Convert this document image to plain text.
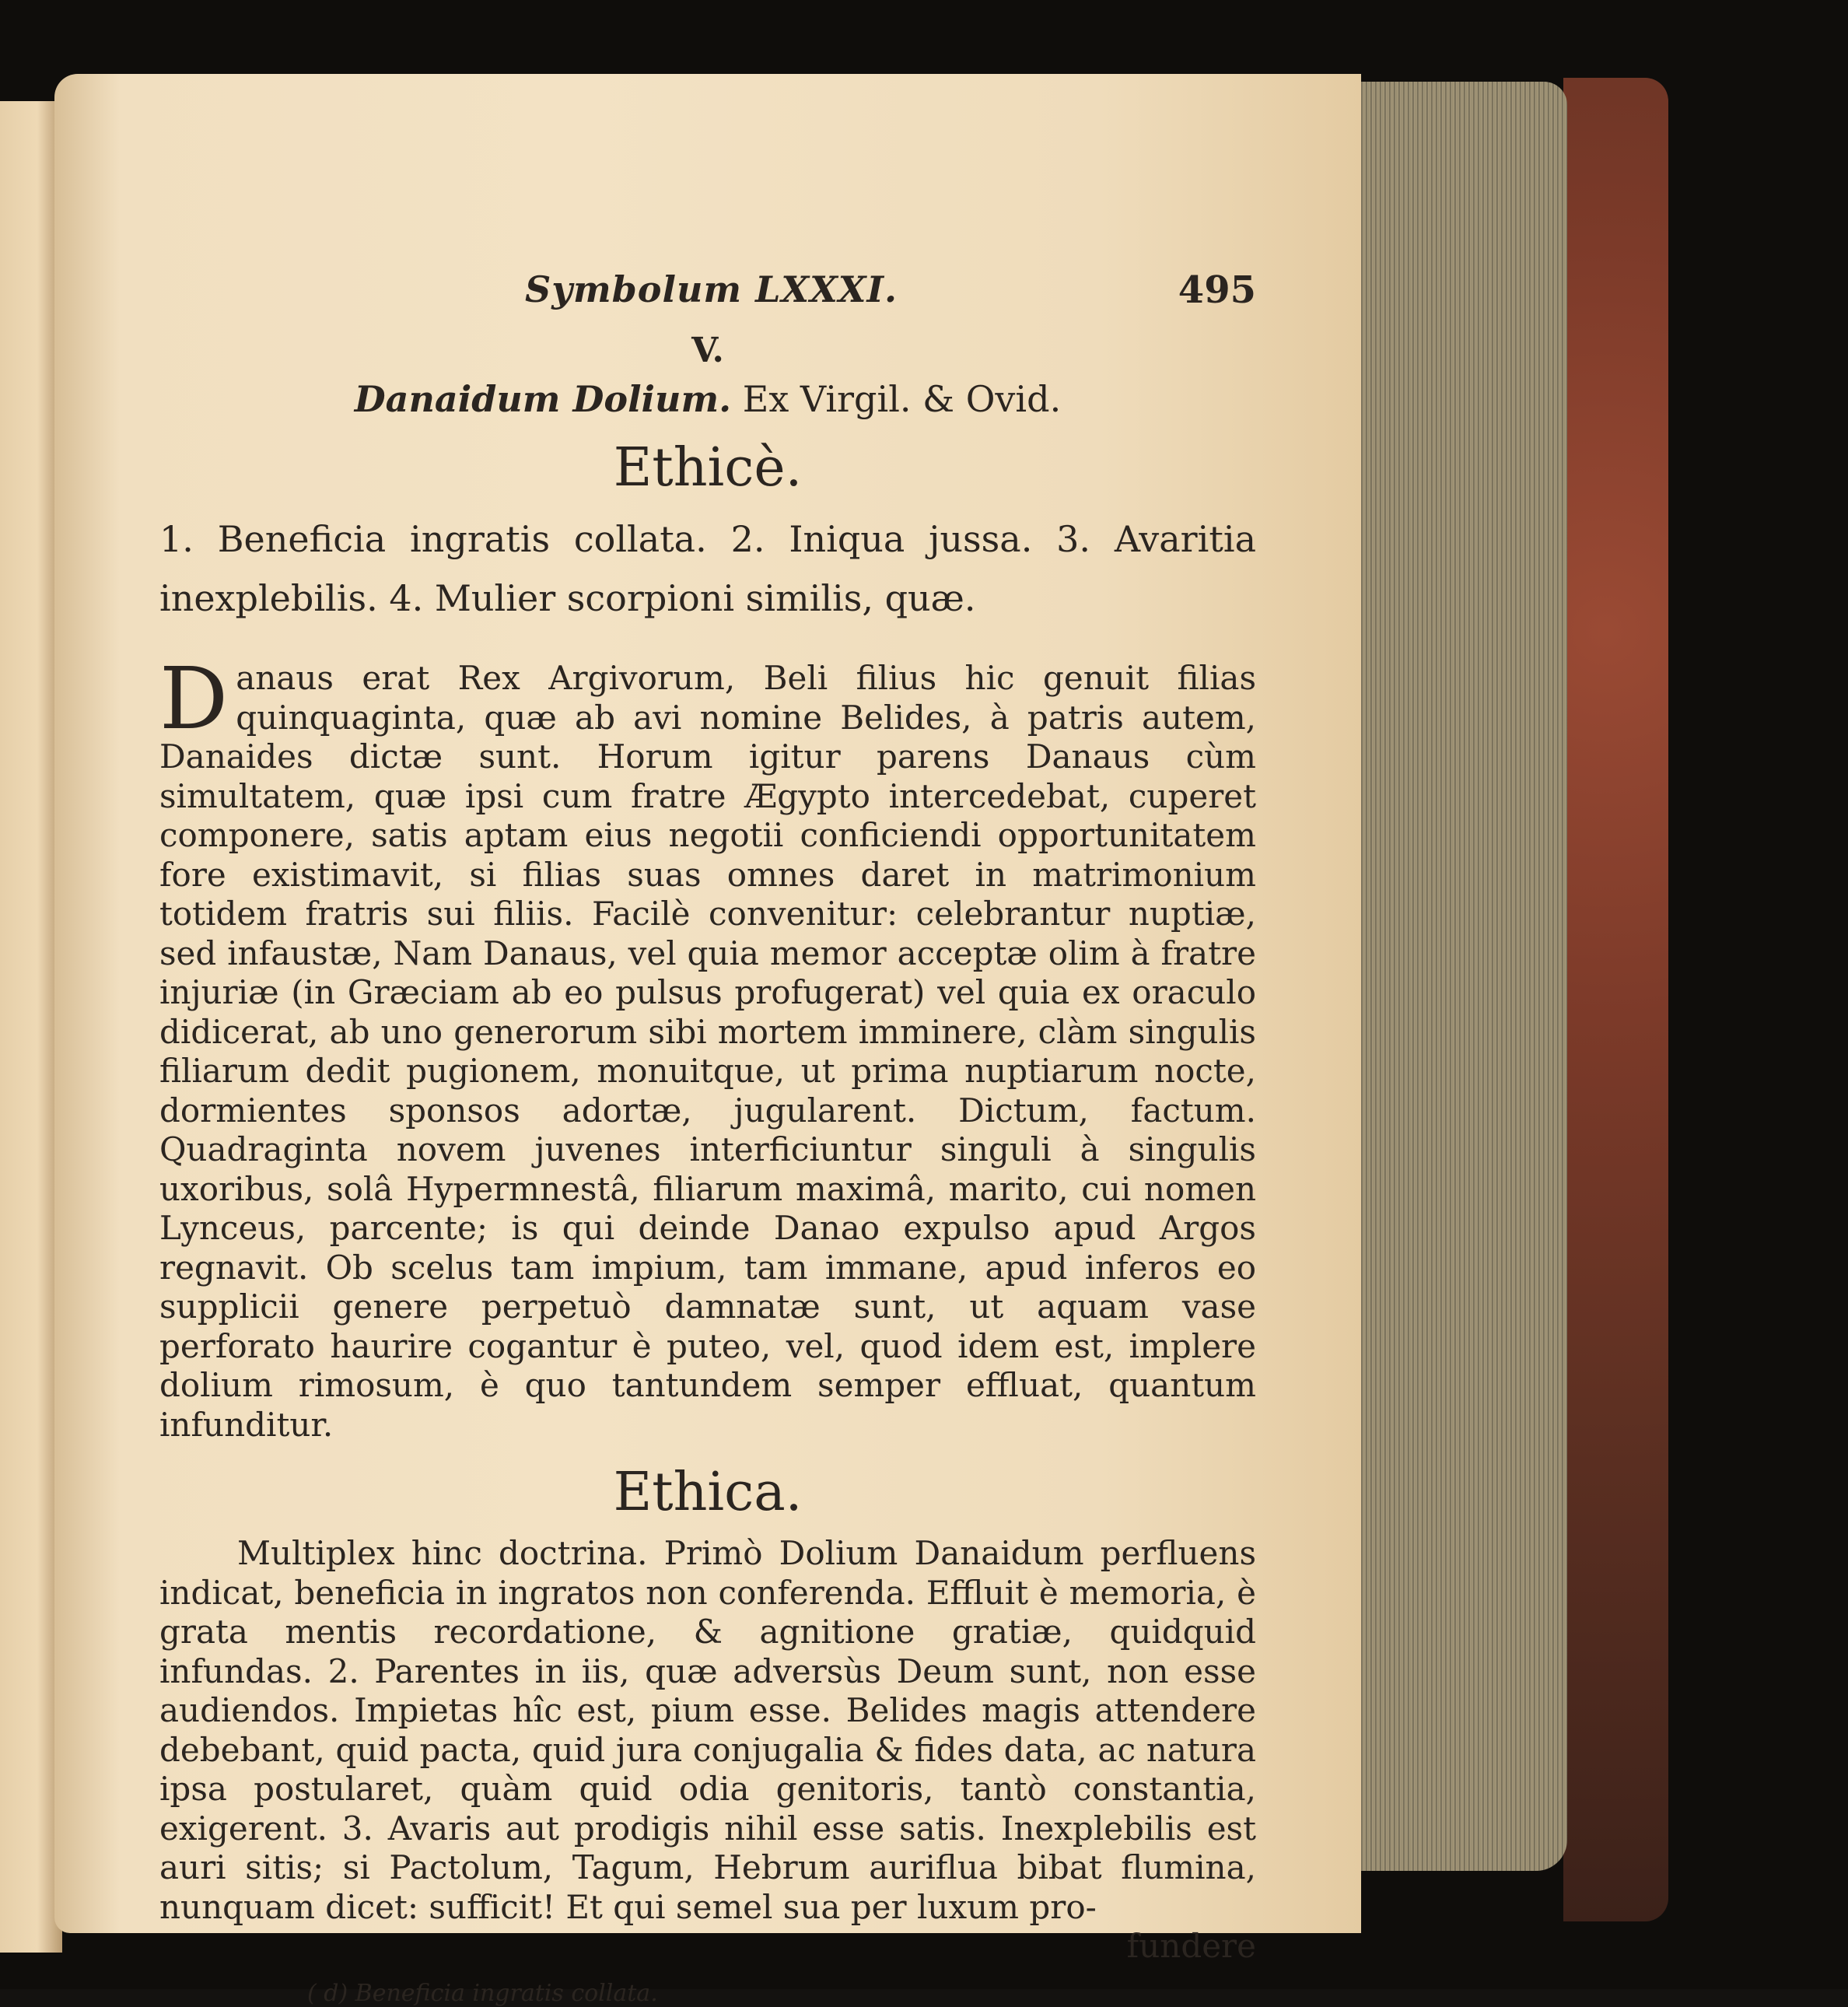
Symbolum LXXXI.	495
V.
Danaidum Dolium. Ex Virgil. & Ovid.
Ethicè.
1. Beneficia ingratis collata. 2. Iniqua jussa. 3. Avaritia inexplebilis. 4. Mulier scorpioni similis, quæ.
Danaus erat Rex Argivorum, Beli filius hic genuit filias quinquaginta, quæ ab avi nomine Belides, à patris autem, Danaides dictæ sunt. Horum igitur parens Danaus cùm simultatem, quæ ipsi cum fratre Ægypto intercedebat, cuperet componere, satis aptam eius negotii conficiendi opportunitatem fore existimavit, si filias suas omnes daret in matrimonium totidem fratris sui filiis. Facilè convenitur: celebrantur nuptiæ, sed infaustæ, Nam Danaus, vel quia memor acceptæ olim à fratre injuriæ (in Græciam ab eo pulsus profugerat) vel quia ex oraculo didicerat, ab uno generorum sibi mortem imminere, clàm singulis filiarum dedit pugionem, monuitque, ut prima nuptiarum nocte, dormientes sponsos adortæ, jugularent. Dictum, factum. Quadraginta novem juvenes interficiuntur singuli à singulis uxoribus, solâ Hypermnestâ, filiarum maximâ, marito, cui nomen Lynceus, parcente; is qui deinde Danao expulso apud Argos regnavit. Ob scelus tam impium, tam immane, apud inferos eo supplicii genere perpetuò damnatæ sunt, ut aquam vase perforato haurire cogantur è puteo, vel, quod idem est, implere dolium rimosum, è quo tantundem semper effluat, quantum infunditur.
Ethica.
Multiplex hinc doctrina. Primò Dolium Danaidum perfluens indicat, beneficia in ingratos non conferenda. Effluit è memoria, è grata mentis recordatione, & agnitione gratiæ, quidquid infundas. 2. Parentes in iis, quæ adversùs Deum sunt, non esse audiendos. Impietas hîc est, pium esse. Belides magis attendere debebant, quid pacta, quid jura conjugalia & fides data, ac natura ipsa postularet, quàm quid odia genitoris, tantò constantia, exigerent. 3. Avaris aut prodigis nihil esse satis. Inexplebilis est auri sitis; si Pactolum, Tagum, Hebrum auriflua bibat flumina, nunquam dicet: sufficit! Et qui semel sua per luxum pro-
fundere
( d) Beneficia ingratis collata.
